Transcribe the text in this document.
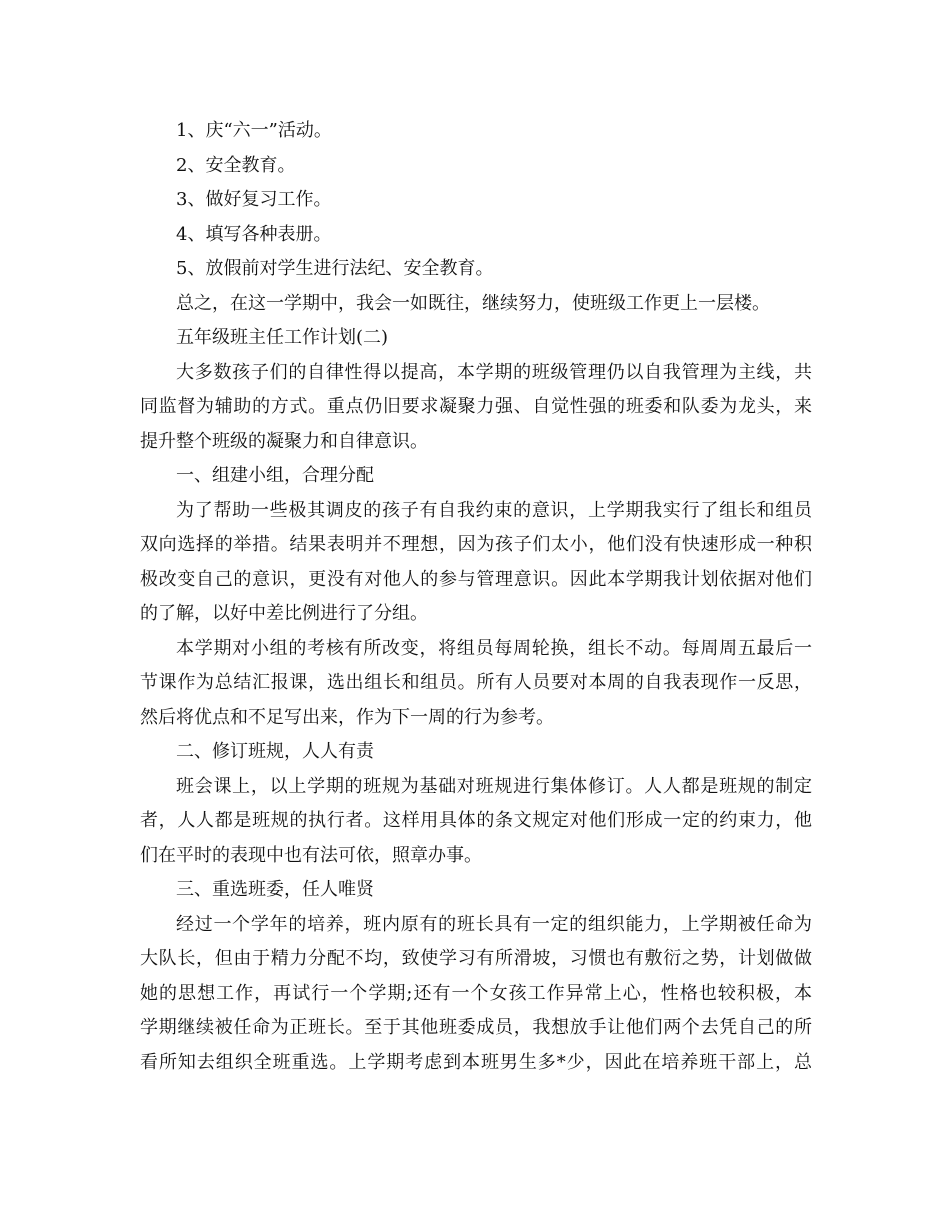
1、庆“六一”活动。
2、安全教育。
3、做好复习工作。
4、填写各种表册。
5、放假前对学生进行法纪、安全教育。
总之，在这一学期中，我会一如既往，继续努力，使班级工作更上一层楼。
五年级班主任工作计划(二)
大多数孩子们的自律性得以提高，本学期的班级管理仍以自我管理为主线，共
同监督为辅助的方式。重点仍旧要求凝聚力强、自觉性强的班委和队委为龙头，来
提升整个班级的凝聚力和自律意识。
一、组建小组，合理分配
为了帮助一些极其调皮的孩子有自我约束的意识，上学期我实行了组长和组员
双向选择的举措。结果表明并不理想，因为孩子们太小，他们没有快速形成一种积
极改变自己的意识，更没有对他人的参与管理意识。因此本学期我计划依据对他们
的了解，以好中差比例进行了分组。
本学期对小组的考核有所改变，将组员每周轮换，组长不动。每周周五最后一
节课作为总结汇报课，选出组长和组员。所有人员要对本周的自我表现作一反思，
然后将优点和不足写出来，作为下一周的行为参考。
二、修订班规，人人有责
班会课上，以上学期的班规为基础对班规进行集体修订。人人都是班规的制定
者，人人都是班规的执行者。这样用具体的条文规定对他们形成一定的约束力，他
们在平时的表现中也有法可依，照章办事。
三、重选班委，任人唯贤
经过一个学年的培养，班内原有的班长具有一定的组织能力，上学期被任命为
大队长，但由于精力分配不均，致使学习有所滑坡，习惯也有敷衍之势，计划做做
她的思想工作，再试行一个学期;还有一个女孩工作异常上心，性格也较积极，本
学期继续被任命为正班长。至于其他班委成员，我想放手让他们两个去凭自己的所
看所知去组织全班重选。上学期考虑到本班男生多*少，因此在培养班干部上，总
